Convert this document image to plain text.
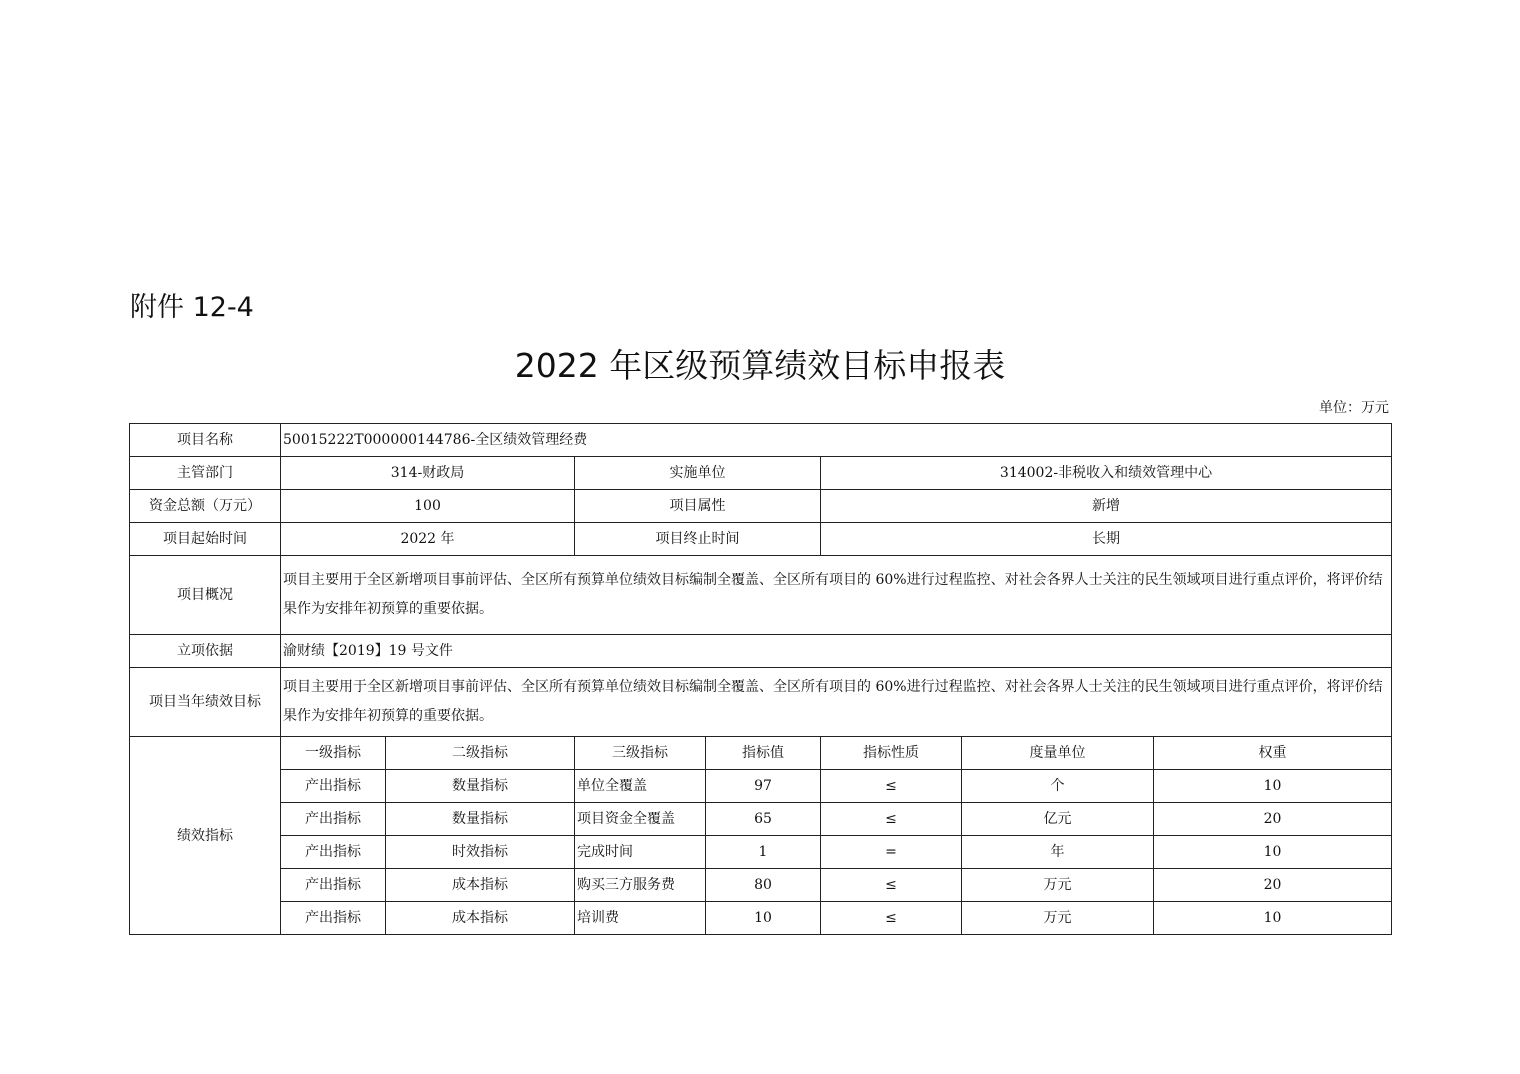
附件 12-4
2022 年区级预算绩效目标申报表
单位：万元
项目名称	50015222T000000144786-全区绩效管理经费						
主管部门	314-财政局		实施单位		314002-非税收入和绩效管理中心		
资金总额（万元）	100		项目属性		新增		
项目起始时间	2022 年		项目终止时间		长期		
项目概况	项目主要用于全区新增项目事前评估、全区所有预算单位绩效目标编制全覆盖、全区所有项目的 60%进行过程监控、对社会各界人士关注的民生领域项目进行重点评价，将评价结果作为安排年初预算的重要依据。						
立项依据	渝财绩【2019】19 号文件						
项目当年绩效目标	项目主要用于全区新增项目事前评估、全区所有预算单位绩效目标编制全覆盖、全区所有项目的 60%进行过程监控、对社会各界人士关注的民生领域项目进行重点评价，将评价结果作为安排年初预算的重要依据。						
绩效指标	一级指标	二级指标	三级指标	指标值	指标性质	度量单位	权重
	产出指标	数量指标	单位全覆盖	97	≤	个	10
	产出指标	数量指标	项目资金全覆盖	65	≤	亿元	20
	产出指标	时效指标	完成时间	1	=	年	10
	产出指标	成本指标	购买三方服务费	80	≤	万元	20
	产出指标	成本指标	培训费	10	≤	万元	10
